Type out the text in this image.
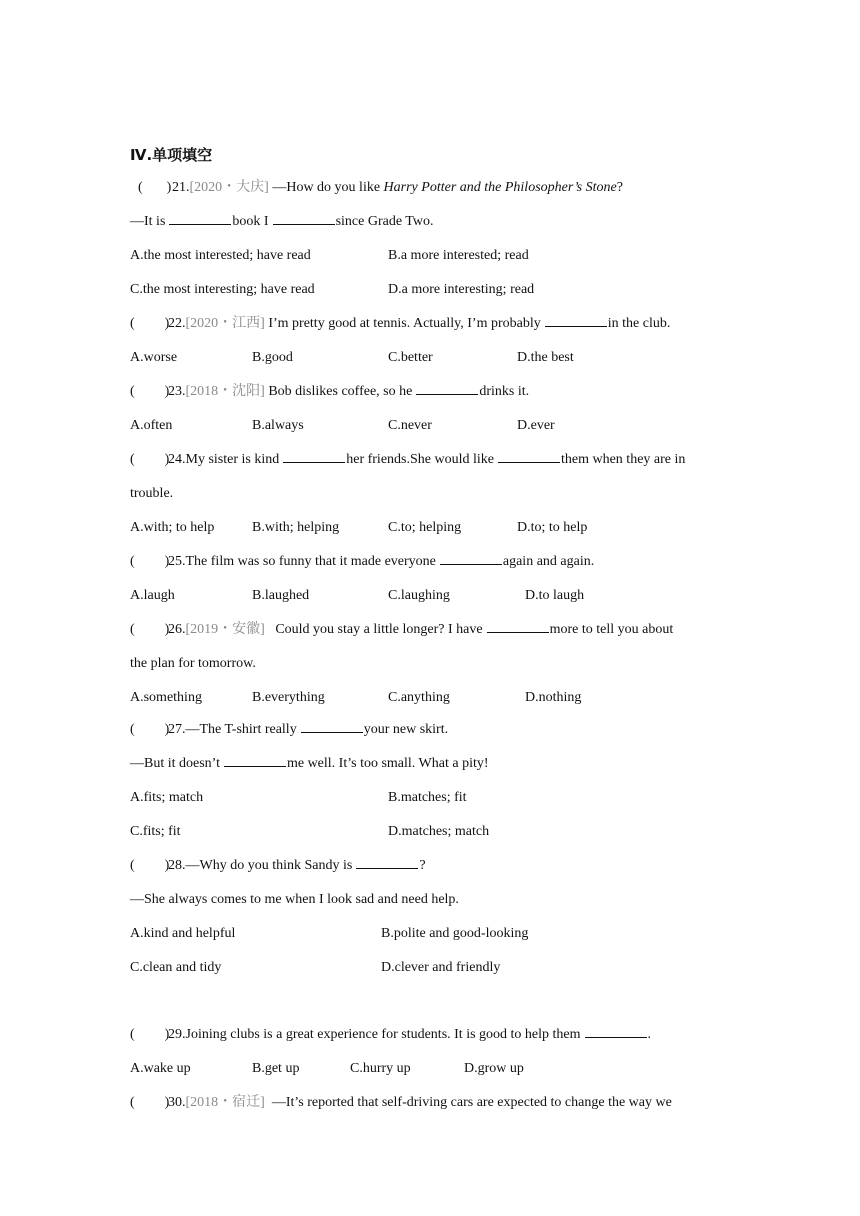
Ⅳ.单项填空
( )21.[2020・大庆] —How do you like Harry Potter and the Philosopher’s Stone?
—It is	book I	since Grade Two.
A.the most interested; have read	B.a more interested; read
C.the most interesting; have read	D.a more interesting; read
( )22.[2020・江西] I’m pretty good at tennis. Actually, I’m probably	in the club.
A.worse	B.good	C.better	D.the best
( )23.[2018・沈阳] Bob dislikes coffee, so he	drinks it.
A.often	B.always	C.never	D.ever
( )24.My sister is kind	her friends.She would like	them when they are in
trouble.
A.with; to help	B.with; helping	C.to; helping	D.to; to help
( )25.The film was so funny that it made everyone	again and again.
A.laugh	B.laughed	C.laughing	D.to laugh
( )26.[2019・安徽]   Could you stay a little longer? I have	more to tell you about
the plan for tomorrow.
A.something	B.everything	C.anything	D.nothing
( )27.—The T-shirt really	your new skirt.
—But it doesn’t	me well. It’s too small. What a pity!
A.fits; match	B.matches; fit
C.fits; fit	D.matches; match
( )28.—Why do you think Sandy is	?
—She always comes to me when I look sad and need help.
A.kind and helpful	B.polite and good-looking
C.clean and tidy	D.clever and friendly
( )29.Joining clubs is a great experience for students. It is good to help them	.
A.wake up	B.get up	C.hurry up	D.grow up
( )30.[2018・宿迁]  —It’s reported that self-driving cars are expected to change the way we
